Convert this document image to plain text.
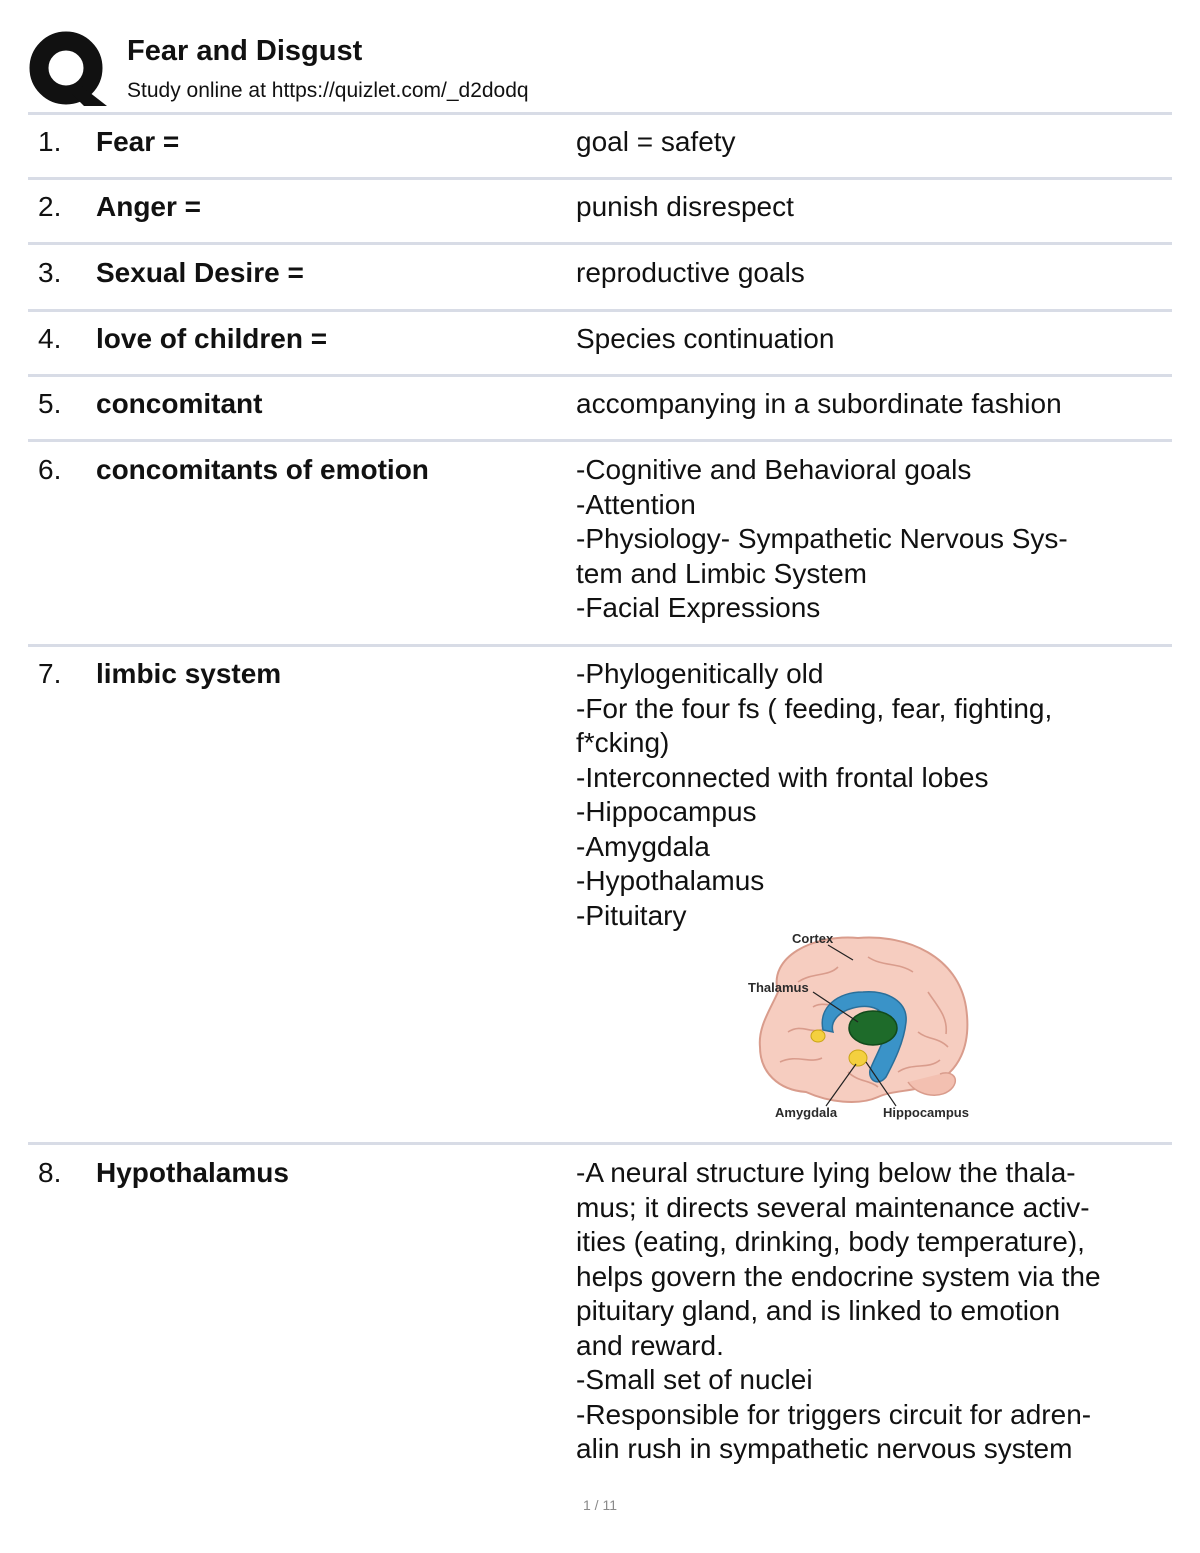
Fear and Disgust
Study online at https://quizlet.com/_d2dodq
1. Fear =	goal = safety
2. Anger =	punish disrespect
3. Sexual Desire =	reproductive goals
4. love of children =	Species continuation
5. concomitant	accompanying in a subordinate fashion
6. concomitants of emotion	-Cognitive and Behavioral goals
-Attention
-Physiology- Sympathetic Nervous Sys-
tem and Limbic System
-Facial Expressions
7. limbic system	-Phylogenitically old
-For the four fs ( feeding, fear, fighting,
f*cking)
-Interconnected with frontal lobes
-Hippocampus
-Amygdala
-Hypothalamus
-Pituitary
Cortex
Thalamus
Amygdala	Hippocampus
8. Hypothalamus	-A neural structure lying below the thala-
mus; it directs several maintenance activ-
ities (eating, drinking, body temperature),
helps govern the endocrine system via the
pituitary gland, and is linked to emotion
and reward.
-Small set of nuclei
-Responsible for triggers circuit for adren-
alin rush in sympathetic nervous system
1 / 11
